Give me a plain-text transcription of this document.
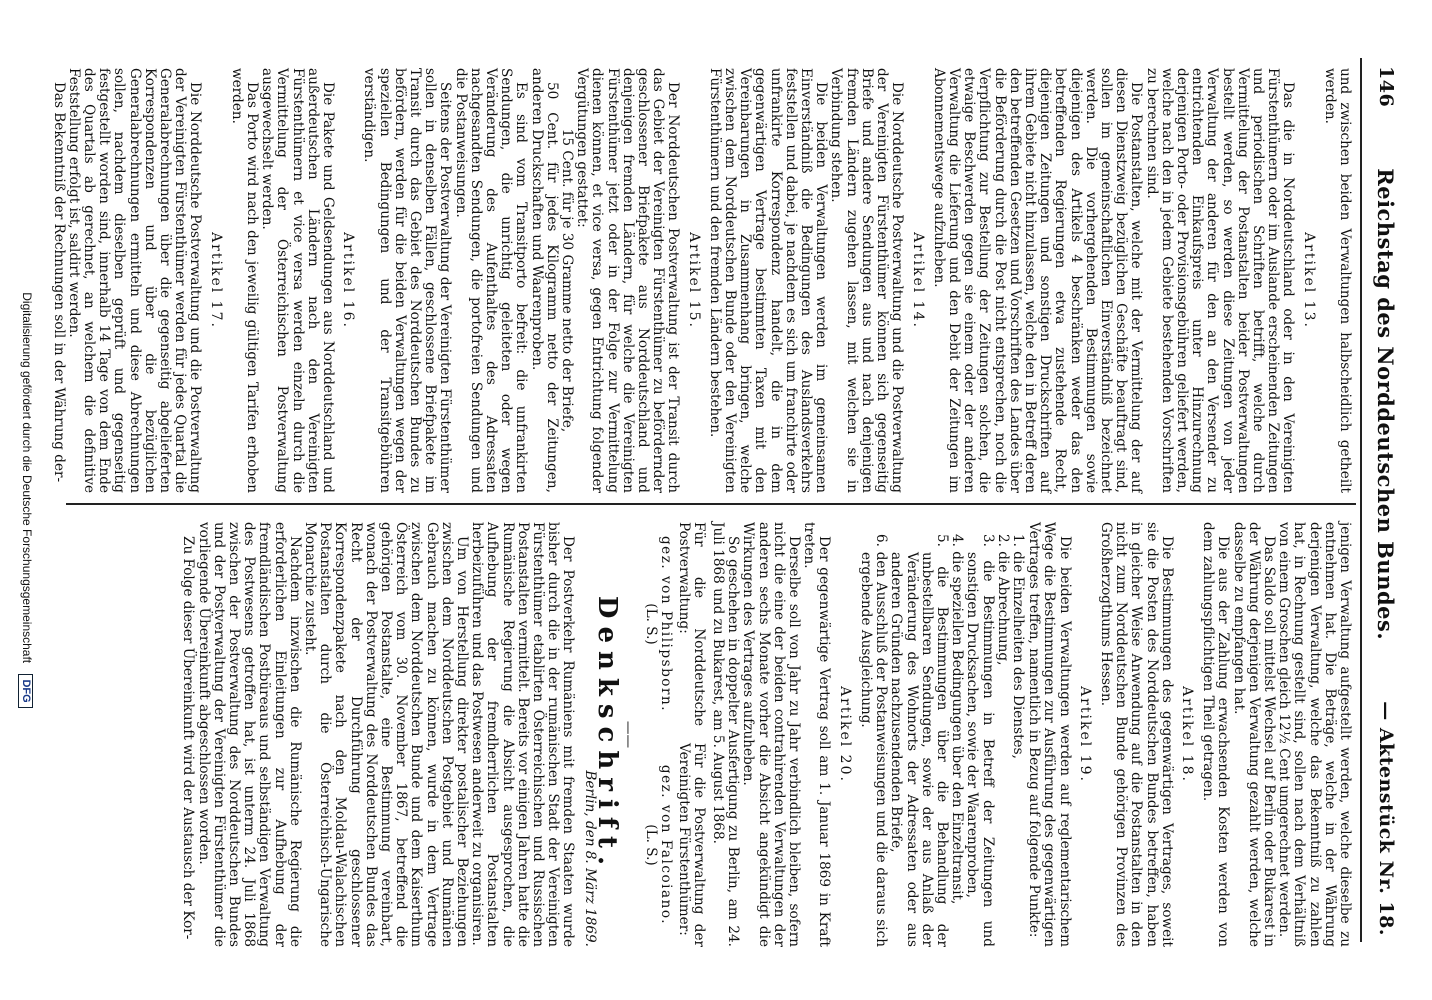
146
Reichstag des Norddeutschen Bundes.
— Aktenstück Nr. 18.

und zwischen beiden Verwaltungen halbscheidlich getheilt werden.

Artikel 13.

Das die in Norddeutschland oder in den Vereinigten Fürstenthümern oder im Auslande erscheinenden Zeitungen und periodischen Schriften betrifft, welche durch Vermittelung der Postanstalten beider Postverwaltungen bestellt werden, so werden diese Zeitungen von jeder Verwaltung der anderen für den an den Versender zu entrichtenden Einkaufspreis unter Hinzurechnung derjenigen Porto- oder Provisionsgebühren geliefert werden, welche nach den in jedem Gebiete bestehenden Vorschriften zu berechnen sind.

Die Postanstalten, welche mit der Vermittelung der auf diesen Dienstzweig bezüglichen Geschäfte beauftragt sind, sollen im gemeinschaftlichen Einverständniß bezeichnet werden. Die vorhergehenden Bestimmungen sowie diejenigen des Artikels 4 beschränken weder das den betreffenden Regierungen etwa zustehende Recht, diejenigen Zeitungen und sonstigen Druckschriften auf ihrem Gebiete nicht hinzulassen, welche den in Betreff deren den betreffenden Gesetzen und Vorschriften des Landes über die Beförderung durch die Post nicht entsprechen, noch die Verpflichtung zur Bestellung der Zeitungen solchen, die etwaige Beschwerden gegen sie einem oder der anderen Verwaltung die Lieferung und den Debit der Zeitungen im Abonnementswege aufzuheben.

Artikel 14.

Die Norddeutsche Postverwaltung und die Postverwaltung der Vereinigten Fürstenthümer können sich gegenseitig Briefe und andere Sendungen aus und nach denjenigen fremden Ländern zugehen lassen, mit welchen sie in Verbindung stehen.

Die beiden Verwaltungen werden im gemeinsamen Einverständniß die Bedingungen des Auslandsverkehrs feststellen und dabei, je nachdem es sich um franchirte oder unfrankirte Korrespondenz handelt, die in dem gegenwärtigen Vertrage bestimmten Taxen mit den Vereinbarungen in Zusammenhang bringen, welche zwischen dem Norddeutschen Bunde oder den Vereinigten Fürstenthümern und den fremden Ländern bestehen.

Artikel 15.

Der Norddeutschen Postverwaltung ist der Transit durch das Gebiet der Vereinigten Fürstenthümer zu befördernder geschlossener Briefpakete aus Norddeutschland und denjenigen fremden Ländern, für welche die Vereinigten Fürstenthümer jetzt oder in der Folge zur Vermittelung dienen können, et vice versa, gegen Entrichtung folgender Vergütungen gestattet:

15 Cent. für je 30 Gramme netto der Briefe,

50 Cent. für jedes Kilogramm netto der Zeitungen, anderen Druckschaften und Waarenproben.

Es sind vom Transitporto befreit: die unfrankirten Sendungen, die unrichtig geleiteten oder wegen Veränderung des Aufenthaltes des Adressaten nachgesandten Sendungen, die portofreien Sendungen und die Postanweisungen.

Seitens der Postverwaltung der Vereinigten Fürstenthümer sollen in denselben Fällen, geschlossene Briefpakete im Transit durch das Gebiet des Norddeutschen Bundes zu befördern, werden für die beiden Verwaltungen wegen der speziellen Bedingungen und der Transitgebühren verständigen.

Artikel 16.

Die Pakete und Geldsendungen aus Norddeutschland und außerdeutschen Ländern nach den Vereinigten Fürstenthümern et vice versa werden einzeln durch die Vermittelung der Österreichischen Postverwaltung ausgewechselt werden.

Das Porto wird nach den jeweilig gültigen Tarifen erhoben werden.

Artikel 17.

Die Norddeutsche Postverwaltung und die Postverwaltung der Vereinigten Fürstenthümer werden für jedes Quartal die Generalabrechnungen über die gegenseitig abgelieferten Korrespondenzen und über die bezüglichen Generalabrechnungen ermitteln und diese Abrechnungen sollen, nachdem dieselben geprüft und gegenseitig festgestellt worden sind, innerhalb 14 Tage von dem Ende des Quartals ab gerechnet, an welchem die definitive Feststellung erfolgt ist, saldirt werden.

Das Bekenntniß der Rechnungen soll in der Währung der-

jenigen Verwaltung aufgestellt werden, welche dieselbe zu entnehmen hat. Die Beträge, welche in der Währung derjenigen Verwaltung, welche das Bekenntniß zu zahlen hat, in Rechnung gestellt sind, sollen nach dem Verhältniß von einem Groschen gleich 12½ Cent umgerechnet werden.

Das Saldo soll mittelst Wechsel auf Berlin oder Bukarest in der Währung derjenigen Verwaltung gezahlt werden, welche dasselbe zu empfangen hat.

Die aus der Zahlung erwachsenden Kosten werden von dem zahlungspflichtigen Theil getragen.

Artikel 18.

Die Bestimmungen des gegenwärtigen Vertrages, soweit sie die Posten des Norddeutschen Bundes betreffen, haben in gleicher Weise Anwendung auf die Postanstalten in den nicht zum Norddeutschen Bunde gehörigen Provinzen des Großherzogthums Hessen.

Artikel 19.

Die beiden Verwaltungen werden auf reglementarischem Wege die Bestimmungen zur Ausführung des gegenwärtigen Vertrages treffen, namentlich in Bezug auf folgende Punkte:

1. die Einzelheiten des Dienstes,
2. die Abrechnung,
3. die Bestimmungen in Betreff der Zeitungen und sonstigen Drucksachen, sowie der Waarenproben,
4. die speziellen Bedingungen über den Einzeltransit,
5. die Bestimmungen über die Behandlung der unbestellbaren Sendungen, sowie der aus Anlaß der Veränderung des Wohnorts der Adressaten oder aus anderen Gründen nachzusendenden Briefe,
6. den Ausschluß der Postanweisungen und die daraus sich ergebende Ausgleichung.
Artikel 20.

Der gegenwärtige Vertrag soll am 1. Januar 1869 in Kraft treten.

Derselbe soll von Jahr zu Jahr verbindlich bleiben, sofern nicht die eine der beiden contrahirenden Verwaltungen der anderen sechs Monate vorher die Absicht angekündigt die Wirkungen des Vertrages aufzuheben.

So geschehen in doppelter Ausfertigung zu Berlin, am 24. Juli 1868 und zu Bukarest, am 5. August 1868.

Für die Norddeutsche Postverwaltung:

gez. von Philipsborn.

(L. S.)

Für die Postverwaltung der Vereinigten Fürstenthümer:

gez. von Falcoiano.

(L. S.)

——
Denkschrift.
Berlin, den 8. März 1869.

Der Postverkehr Rumäniens mit fremden Staaten wurde bisher durch die in der rumänischen Stadt der Vereinigten Fürstenthümer etablirten Österreichischen und Russischen Postanstalten vermittelt. Bereits vor einigen Jahren hatte die Rumänische Regierung die Absicht ausgesprochen, die Aufhebung der fremdherrlichen Postanstalten herbeizuführen und das Postwesen anderweit zu organisiren.

Um von Herstellung direkter postalischer Beziehungen zwischen dem Norddeutschen Postgebiet und Rumänien Gebrauch machen zu können, wurde in dem Vertrage zwischen dem Norddeutschen Bunde und dem Kaiserthum Österreich vom 30. November 1867, betreffend die gehörigen Postanstalte, eine Bestimmung vereinbart, wonach der Postverwaltung des Norddeutschen Bundes das Recht der Durchführung geschlossener Korrespondenzpakete nach den Moldau-Walachischen Postanstalten durch die Österreichisch-Ungarische Monarchie zusteht.

Nachdem inzwischen die Rumänische Regierung die erforderlichen Einleitungen zur Aufhebung der fremdländischen Postbüreaus und selbständigen Verwaltung des Postwesens getroffen hat, ist unterm 24. Juli 1868 zwischen der Postverwaltung des Norddeutschen Bundes und der Postverwaltung der Vereinigten Fürstenthümer die vorliegende Übereinkunft abgeschlossen worden.

Zu Folge dieser Übereinkunft wird der Austausch der Kor-

Digitalisierung gefördert durch die Deutsche Forschungsgemeinschaft DFG
